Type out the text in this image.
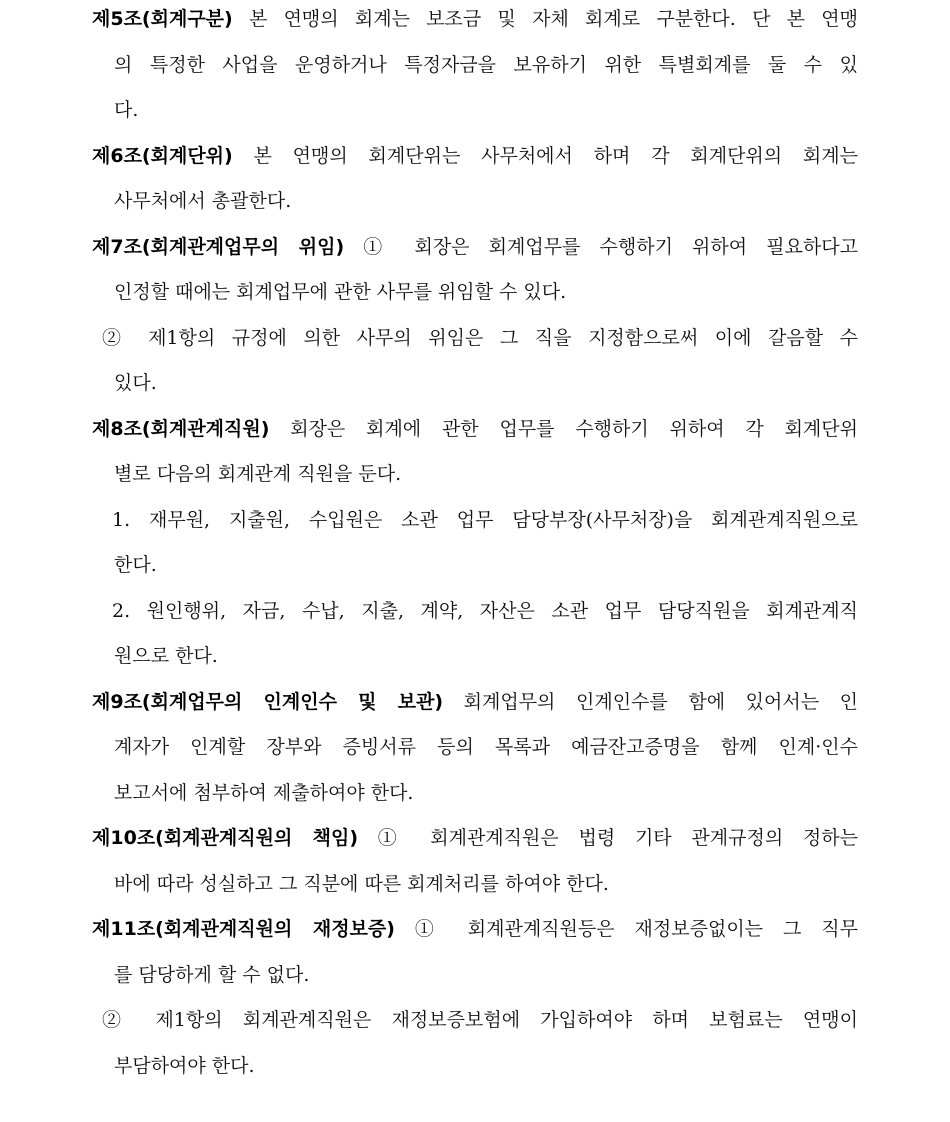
제5조(회계구분) 본 연맹의 회계는 보조금 및 자체 회계로 구분한다. 단 본 연맹
의 특정한 사업을 운영하거나 특정자금을 보유하기 위한 특별회계를 둘 수 있
다.
제6조(회계단위) 본 연맹의 회계단위는 사무처에서 하며 각 회계단위의 회계는
사무처에서 총괄한다.
제7조(회계관계업무의 위임) ① 회장은 회계업무를 수행하기 위하여 필요하다고
인정할 때에는 회계업무에 관한 사무를 위임할 수 있다.
② 제1항의 규정에 의한 사무의 위임은 그 직을 지정함으로써 이에 갈음할 수
있다.
제8조(회계관계직원) 회장은 회계에 관한 업무를 수행하기 위하여 각 회계단위
별로 다음의 회계관계 직원을 둔다.
1. 재무원, 지출원, 수입원은 소관 업무 담당부장(사무처장)을 회계관계직원으로
한다.
2. 원인행위, 자금, 수납, 지출, 계약, 자산은 소관 업무 담당직원을 회계관계직
원으로 한다.
제9조(회계업무의 인계인수 및 보관) 회계업무의 인계인수를 함에 있어서는 인
계자가 인계할 장부와 증빙서류 등의 목록과 예금잔고증명을 함께 인계·인수
보고서에 첨부하여 제출하여야 한다.
제10조(회계관계직원의 책임) ① 회계관계직원은 법령 기타 관계규정의 정하는
바에 따라 성실하고 그 직분에 따른 회계처리를 하여야 한다.
제11조(회계관계직원의 재정보증) ① 회계관계직원등은 재정보증없이는 그 직무
를 담당하게 할 수 없다.
② 제1항의 회계관계직원은 재정보증보험에 가입하여야 하며 보험료는 연맹이
부담하여야 한다.
